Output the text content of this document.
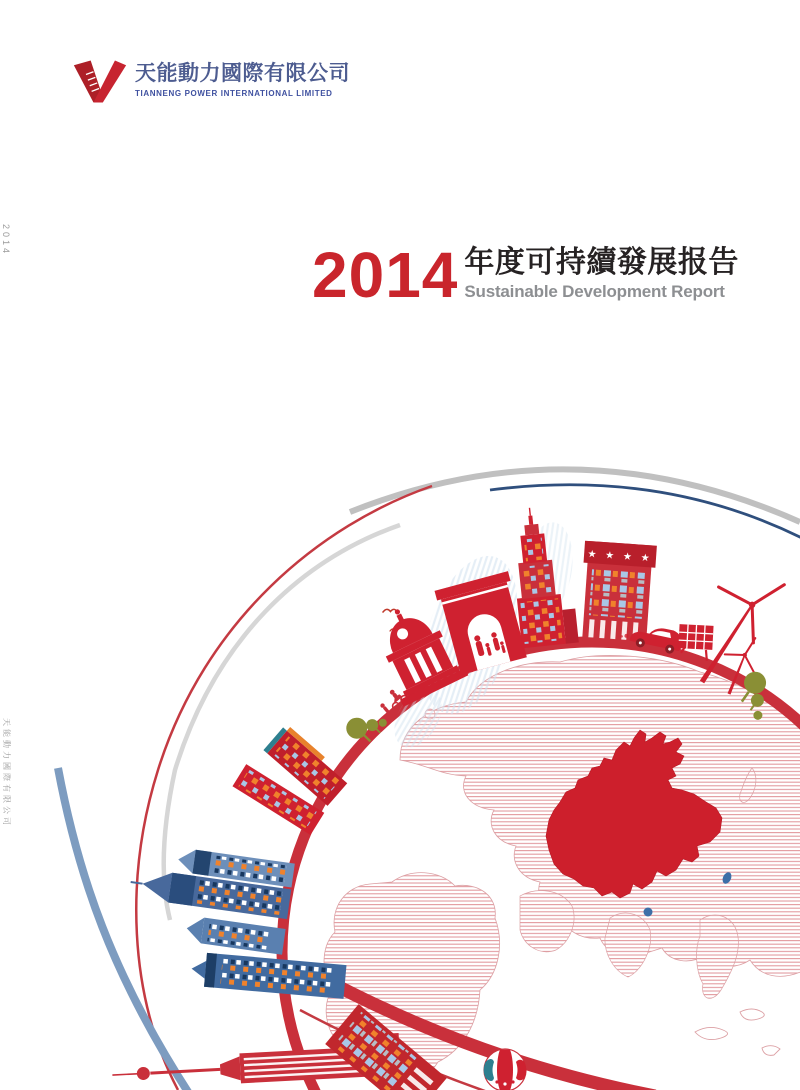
天能動力國際有限公司
TIANNENG POWER INTERNATIONAL LIMITED
2014 年度可持續發展报告
Sustainable Development Report
2014
天能動力國際有限公司
★ ★ ★ ★
